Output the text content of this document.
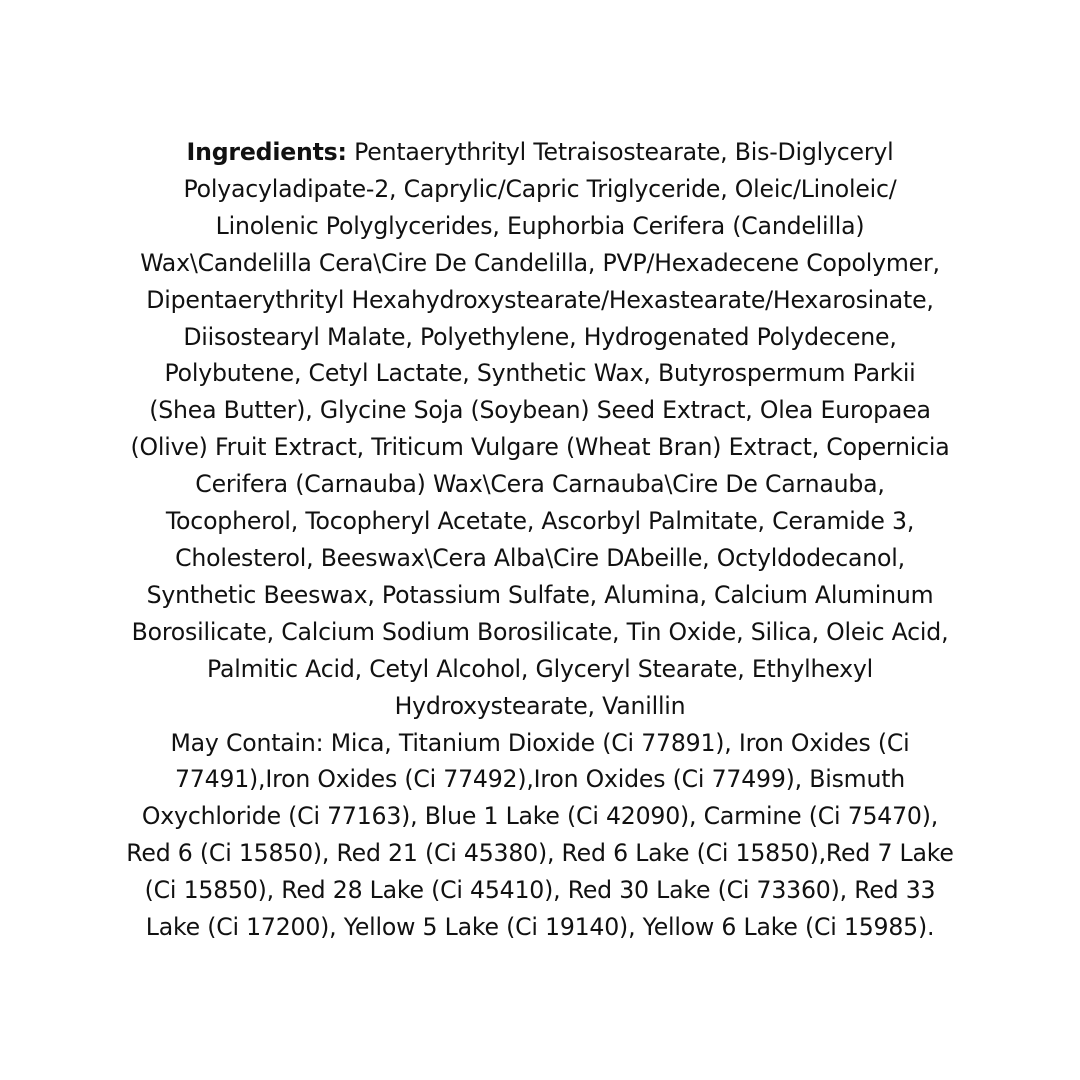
Ingredients: Pentaerythrityl Tetraisostearate, Bis-Diglyceryl
Polyacyladipate-2, Caprylic/Capric Triglyceride, Oleic/Linoleic/
Linolenic Polyglycerides, Euphorbia Cerifera (Candelilla)
Wax\Candelilla Cera\Cire De Candelilla, PVP/Hexadecene Copolymer,
Dipentaerythrityl Hexahydroxystearate/Hexastearate/Hexarosinate,
Diisostearyl Malate, Polyethylene, Hydrogenated Polydecene,
Polybutene, Cetyl Lactate, Synthetic Wax, Butyrospermum Parkii
(Shea Butter), Glycine Soja (Soybean) Seed Extract, Olea Europaea
(Olive) Fruit Extract, Triticum Vulgare (Wheat Bran) Extract, Copernicia
Cerifera (Carnauba) Wax\Cera Carnauba\Cire De Carnauba,
Tocopherol, Tocopheryl Acetate, Ascorbyl Palmitate, Ceramide 3,
Cholesterol, Beeswax\Cera Alba\Cire DAbeille, Octyldodecanol,
Synthetic Beeswax, Potassium Sulfate, Alumina, Calcium Aluminum
Borosilicate, Calcium Sodium Borosilicate, Tin Oxide, Silica, Oleic Acid,
Palmitic Acid, Cetyl Alcohol, Glyceryl Stearate, Ethylhexyl
Hydroxystearate, Vanillin
May Contain: Mica, Titanium Dioxide (Ci 77891), Iron Oxides (Ci
77491),Iron Oxides (Ci 77492),Iron Oxides (Ci 77499), Bismuth
Oxychloride (Ci 77163), Blue 1 Lake (Ci 42090), Carmine (Ci 75470),
Red 6 (Ci 15850), Red 21 (Ci 45380), Red 6 Lake (Ci 15850),Red 7 Lake
(Ci 15850), Red 28 Lake (Ci 45410), Red 30 Lake (Ci 73360), Red 33
Lake (Ci 17200), Yellow 5 Lake (Ci 19140), Yellow 6 Lake (Ci 15985).
